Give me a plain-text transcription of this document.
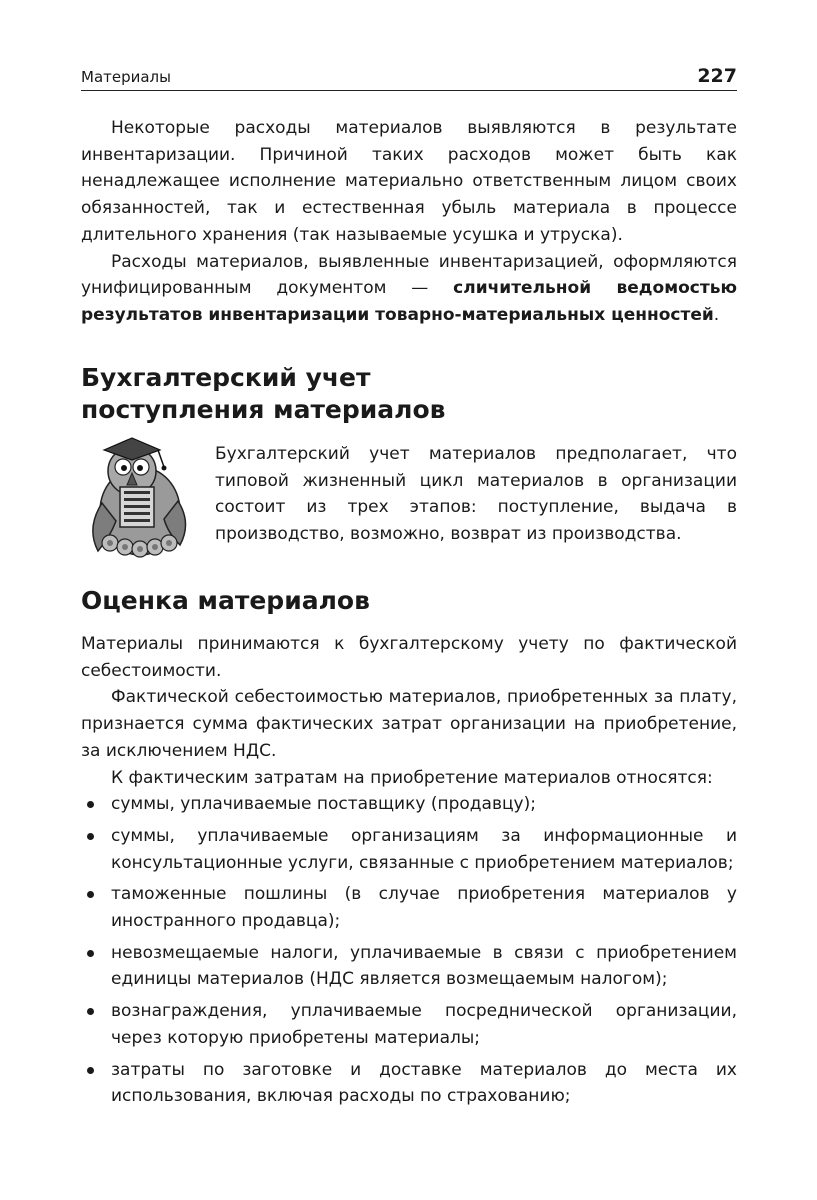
Материалы	227

Некоторые расходы материалов выявляются в результате инвентаризации. Причиной таких расходов может быть как ненадлежащее исполнение материально ответственным лицом своих обязанностей, так и естественная убыль материала в процессе длительного хранения (так называемые усушка и утруска).

Расходы материалов, выявленные инвентаризацией, оформляются унифицированным документом — сличительной ведомостью результатов инвентаризации товарно-материальных ценностей.

Бухгалтерский учет
поступления материалов

Бухгалтерский учет материалов предполагает, что типовой жизненный цикл материалов в организации состоит из трех этапов: поступление, выдача в производство, возможно, возврат из производства.

Оценка материалов

Материалы принимаются к бухгалтерскому учету по фактической себестоимости.

Фактической себестоимостью материалов, приобретенных за плату, признается сумма фактических затрат организации на приобретение, за исключением НДС.

К фактическим затратам на приобретение материалов относятся:

суммы, уплачиваемые поставщику (продавцу);
суммы, уплачиваемые организациям за информационные и консультационные услуги, связанные с приобретением материалов;
таможенные пошлины (в случае приобретения материалов у иностранного продавца);
невозмещаемые налоги, уплачиваемые в связи с приобретением единицы материалов (НДС является возмещаемым налогом);
вознаграждения, уплачиваемые посреднической организации, через которую приобретены материалы;
затраты по заготовке и доставке материалов до места их использования, включая расходы по страхованию;
